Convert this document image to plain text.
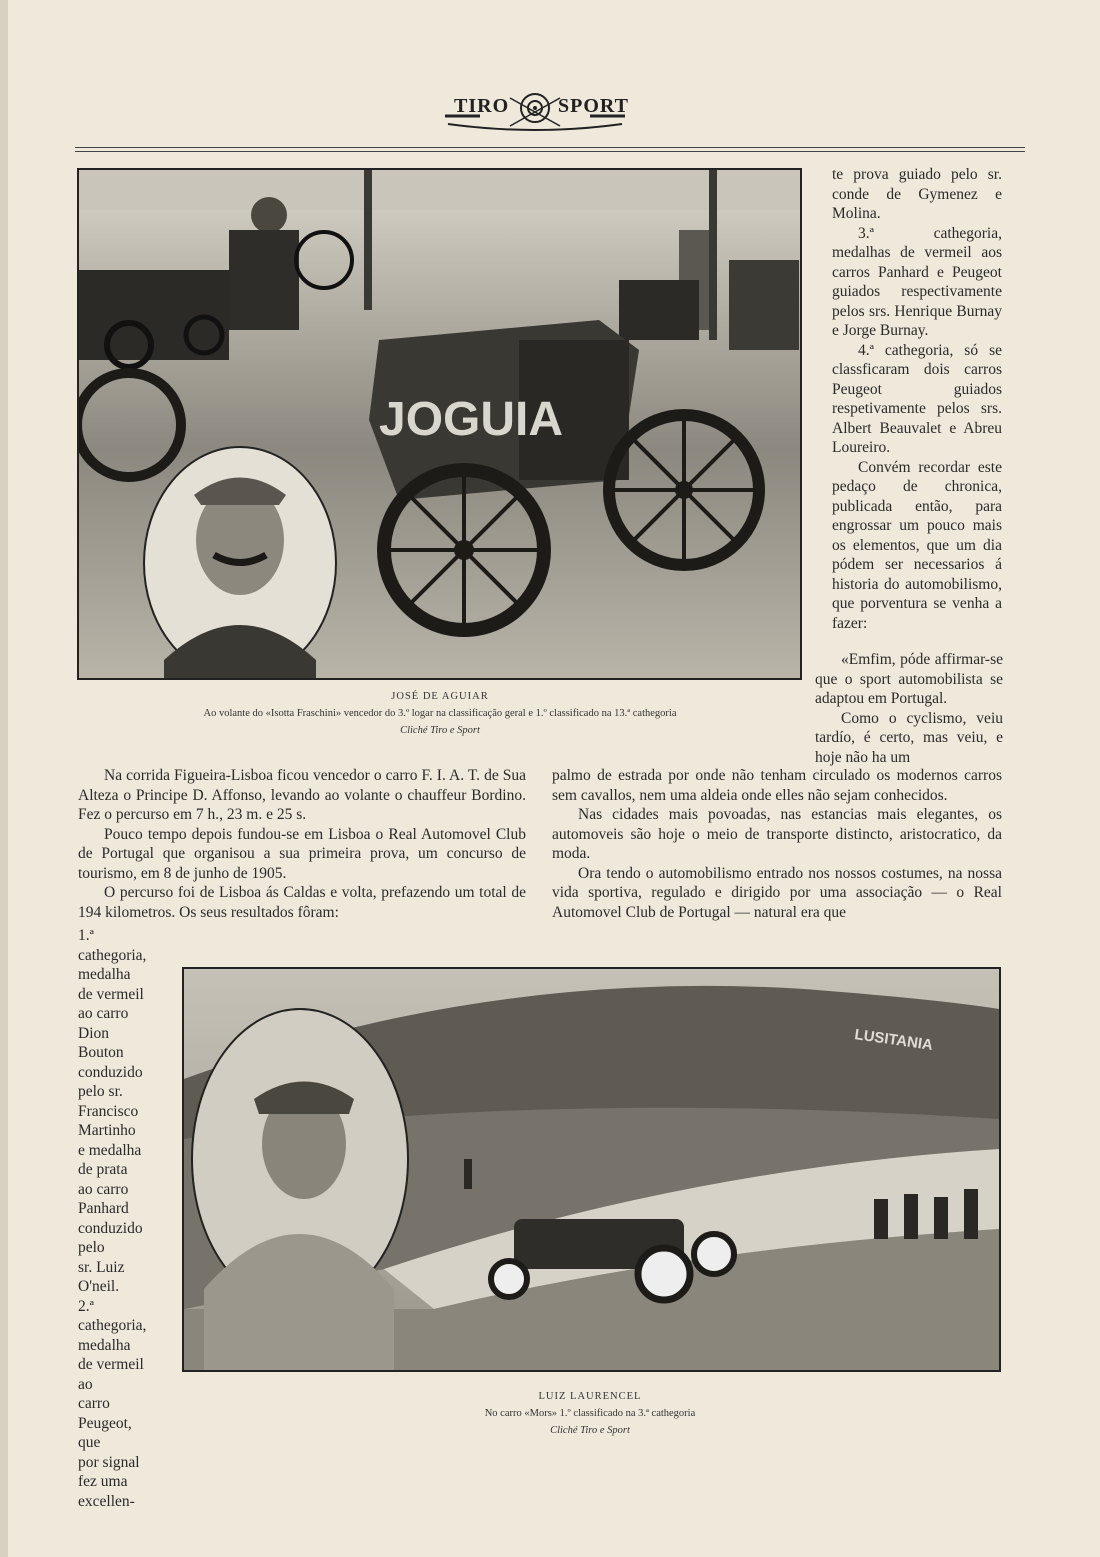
TIRO SPORT
JOGUIA
JOSÉ DE AGUIAR
Ao volante do «Isotta Fraschini» vencedor do 3.º logar na classificação geral e 1.º classificado na 13.ª cathegoria
Cliché Tiro e Sport

te prova guiado pelo sr. conde de Gymenez e Molina.

3.ª cathegoria, medalhas de vermeil aos carros Panhard e Peugeot guiados respectivamente pelos srs. Henrique Burnay e Jorge Burnay.

4.ª cathegoria, só se classficaram dois carros Peugeot guiados respetivamente pelos srs. Albert Beauvalet e Abreu Loureiro.

Convém recordar este pedaço de chronica, publicada então, para engrossar um pouco mais os elementos, que um dia pódem ser necessarios á historia do automobilismo, que porventura se venha a fazer:

«Emfim, póde affirmar-se que o sport automobilista se adaptou em Portugal.

Como o cyclismo, veiu tardío, é certo, mas veiu, e hoje não ha um

Na corrida Figueira-Lisboa ficou vencedor o carro F. I. A. T. de Sua Alteza o Principe D. Affonso, levando ao volante o chauffeur Bordino. Fez o percurso em 7 h., 23 m. e 25 s.

Pouco tempo depois fundou-se em Lisboa o Real Automovel Club de Portugal que organisou a sua primeira prova, um concurso de tourismo, em 8 de junho de 1905.

O percurso foi de Lisboa ás Caldas e volta, prefazendo um total de 194 kilometros. Os seus resultados fôram:

palmo de estrada por onde não tenham circulado os modernos carros sem cavallos, nem uma aldeia onde elles não sejam conhecidos.

Nas cidades mais povoadas, nas estancias mais elegantes, os automoveis são hoje o meio de transporte distincto, aristocratico, da moda.

Ora tendo o automobilismo entrado nos nossos costumes, na nossa vida sportiva, regulado e dirigido por uma associação — o Real Automovel Club de Portugal — natural era que

1.ª cathegoria,

medalha

de vermeil

ao carro

Dion Bouton

conduzido

pelo sr.

Francisco

Martinho

e medalha

de prata

ao carro

Panhard

conduzido pelo

sr. Luiz

O'neil.

2.ª cathegoria,

medalha

de vermeil ao

carro Peugeot,

que

por signal

fez uma

excellen-

LUSITANIA
LUIZ LAURENCEL
No carro «Mors» 1.º classificado na 3.ª cathegoria
Cliché Tiro e Sport
